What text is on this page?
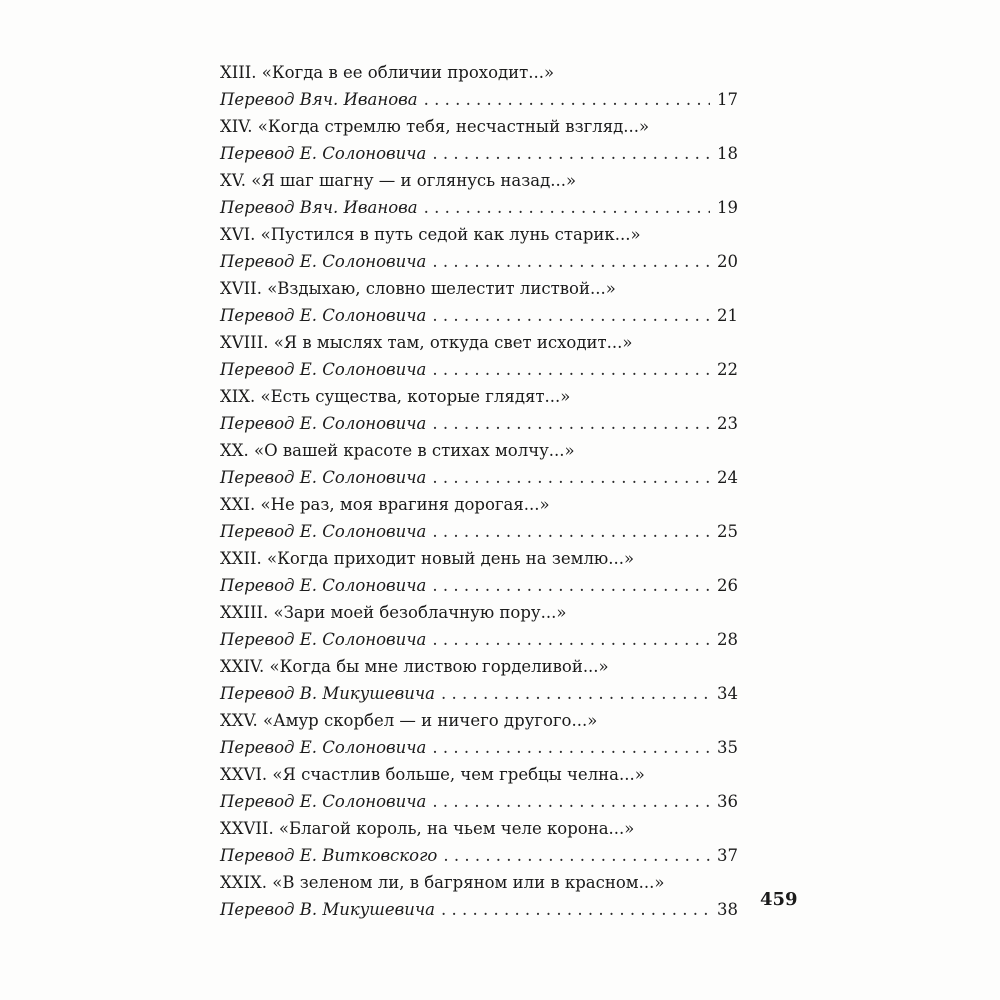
XIII. «Когда в ее обличии проходит...»
Перевод Вяч. Иванова . . .	17
XIV. «Когда стремлю тебя, несчастный взгляд...»
Перевод Е. Солоновича . . .	18
XV. «Я шаг шагну — и оглянусь назад...»
Перевод Вяч. Иванова . . .	19
XVI. «Пустился в путь седой как лунь старик...»
Перевод Е. Солоновича . . .	20
XVII. «Вздыхаю, словно шелестит листвой...»
Перевод Е. Солоновича . . .	21
XVIII. «Я в мыслях там, откуда свет исходит...»
Перевод Е. Солоновича . . .	22
XIX. «Есть существа, которые глядят...»
Перевод Е. Солоновича . . .	23
XX. «О вашей красоте в стихах молчу...»
Перевод Е. Солоновича . . .	24
XXI. «Не раз, моя врагиня дорогая...»
Перевод Е. Солоновича . . .	25
XXII. «Когда приходит новый день на землю...»
Перевод Е. Солоновича . . .	26
XXIII. «Зари моей безоблачную пору...»
Перевод Е. Солоновича . . .	28
XXIV. «Когда бы мне листвою горделивой...»
Перевод В. Микушевича . . .	34
XXV. «Амур скорбел — и ничего другого...»
Перевод Е. Солоновича . . .	35
XXVI. «Я счастлив больше, чем гребцы челна...»
Перевод Е. Солоновича . . .	36
XXVII. «Благой король, на чьем челе корона...»
Перевод Е. Витковского . . .	37
XXIX. «В зеленом ли, в багряном или в красном...»
Перевод В. Микушевича . . .	38 459
